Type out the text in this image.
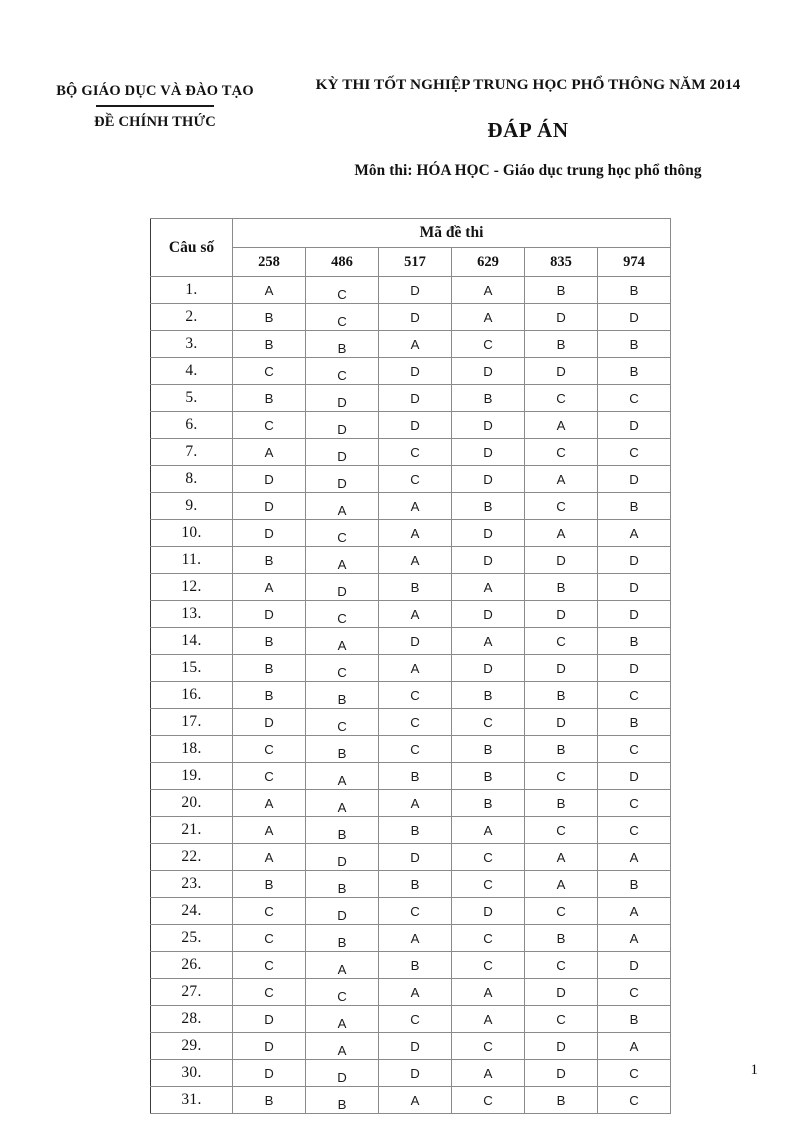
BỘ GIÁO DỤC VÀ ĐÀO TẠO
ĐỀ CHÍNH THỨC
KỲ THI TỐT NGHIỆP TRUNG HỌC PHỔ THÔNG NĂM 2014
ĐÁP ÁN
Môn thi: HÓA HỌC - Giáo dục trung học phổ thông
Câu số	Mã đề thi					
	258	486	517	629	835	974
1.	A	C	D	A	B	B
2.	B	C	D	A	D	D
3.	B	B	A	C	B	B
4.	C	C	D	D	D	B
5.	B	D	D	B	C	C
6.	C	D	D	D	A	D
7.	A	D	C	D	C	C
8.	D	D	C	D	A	D
9.	D	A	A	B	C	B
10.	D	C	A	D	A	A
11.	B	A	A	D	D	D
12.	A	D	B	A	B	D
13.	D	C	A	D	D	D
14.	B	A	D	A	C	B
15.	B	C	A	D	D	D
16.	B	B	C	B	B	C
17.	D	C	C	C	D	B
18.	C	B	C	B	B	C
19.	C	A	B	B	C	D
20.	A	A	A	B	B	C
21.	A	B	B	A	C	C
22.	A	D	D	C	A	A
23.	B	B	B	C	A	B
24.	C	D	C	D	C	A
25.	C	B	A	C	B	A
26.	C	A	B	C	C	D
27.	C	C	A	A	D	C
28.	D	A	C	A	C	B
29.	D	A	D	C	D	A
30.	D	D	D	A	D	C
31.	B	B	A	C	B	C
1
